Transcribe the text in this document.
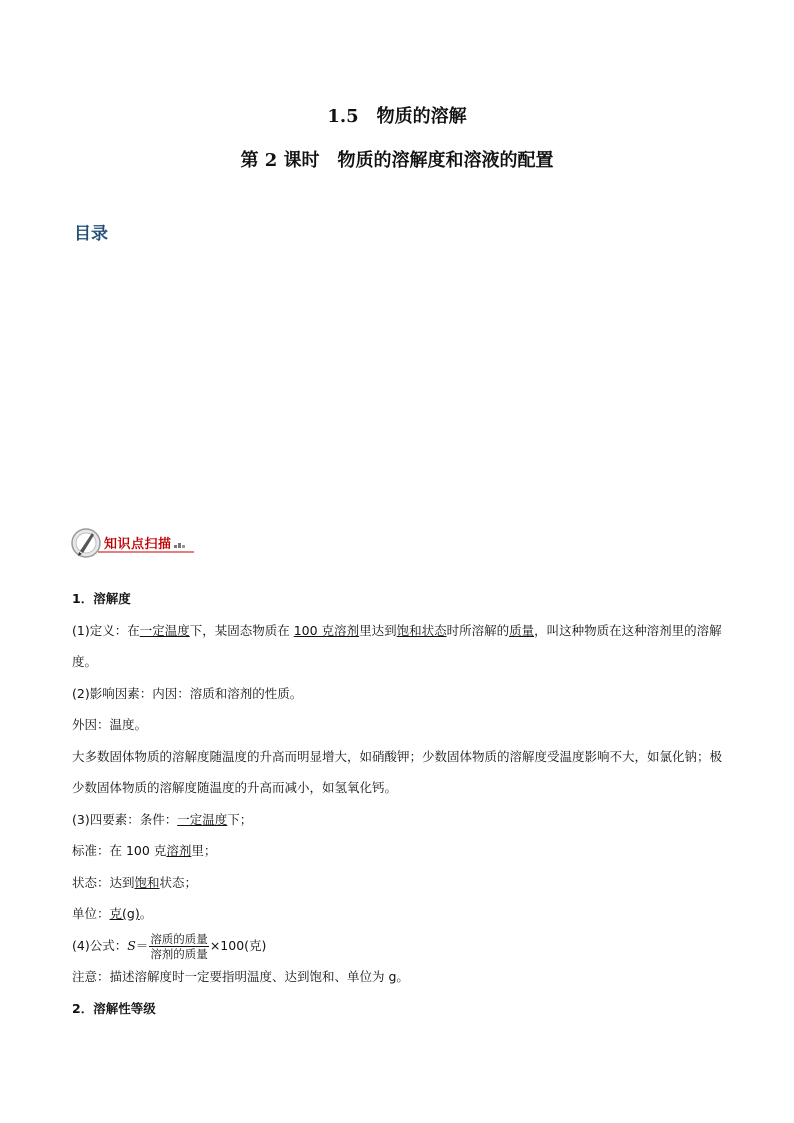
1.5　物质的溶解
第 2 课时　物质的溶解度和溶液的配置
目录
知识点扫描
1．溶解度
(1)定义：在一定温度下，某固态物质在 100 克溶剂里达到饱和状态时所溶解的质量，叫这种物质在这种溶剂里的溶解度。
(2)影响因素：内因：溶质和溶剂的性质。
外因：温度。
大多数固体物质的溶解度随温度的升高而明显增大，如硝酸钾；少数固体物质的溶解度受温度影响不大，如氯化钠；极少数固体物质的溶解度随温度的升高而减小，如氢氧化钙。
(3)四要素：条件：一定温度下；
标准：在 100 克溶剂里；
状态：达到饱和状态；
单位：克(g)。
(4)公式：$S= \frac{\text{溶质的质量}}{\text{溶剂的质量}} \times 100$(克)
注意：描述溶解度时一定要指明温度、达到饱和、单位为 g。
2．溶解性等级
